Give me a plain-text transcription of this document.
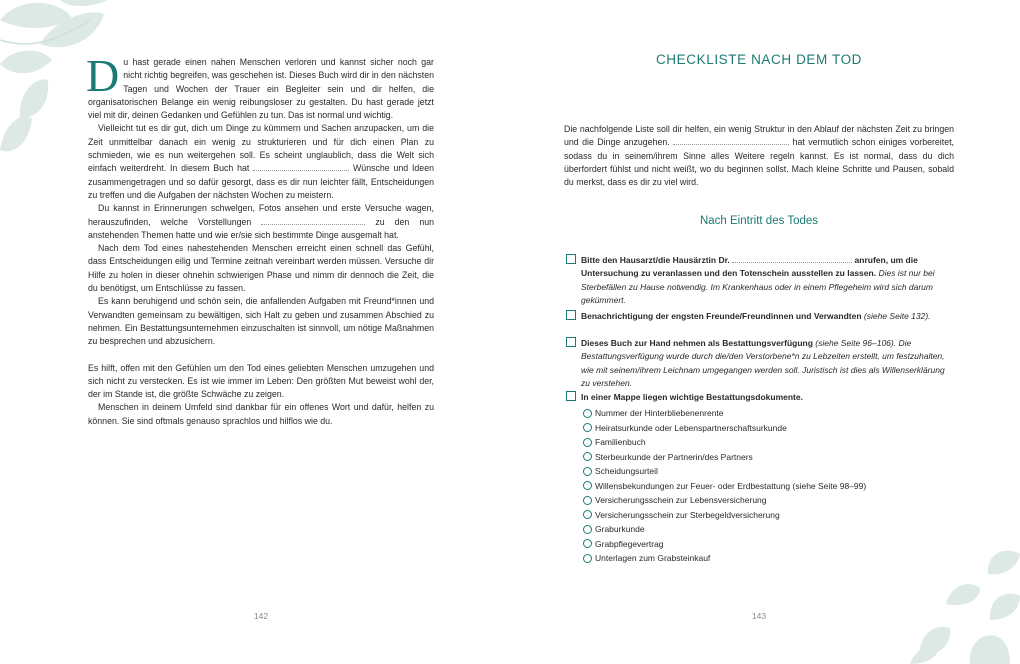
Du hast gerade einen nahen Menschen verloren und kannst sicher noch gar nicht richtig begreifen, was geschehen ist. Dieses Buch wird dir in den nächsten Tagen und Wochen der Trauer ein Begleiter sein und dir helfen, die organisatorischen Belange ein wenig reibungsloser zu gestalten. Du hast gerade jetzt viel mit dir, deinen Gedanken und Gefühlen zu tun. Das ist normal und wichtig.

Vielleicht tut es dir gut, dich um Dinge zu kümmern und Sachen anzupacken, um die Zeit unmittelbar danach ein wenig zu strukturieren und für dich einen Plan zu schmieden, wie es nun weitergehen soll. Es scheint unglaublich, dass die Welt sich einfach weiterdreht. In diesem Buch hat	Wünsche und Ideen zusammengetragen und so dafür gesorgt, dass es dir nun leichter fällt, Entscheidungen zu treffen und die Aufgaben der nächsten Wochen zu meistern.

Du kannst in Erinnerungen schwelgen, Fotos ansehen und erste Versuche wagen, herauszufinden, welche Vorstellungen	zu den nun anstehenden Themen hatte und wie er/sie sich bestimmte Dinge ausgemalt hat.

Nach dem Tod eines nahestehenden Menschen erreicht einen schnell das Gefühl, dass Entscheidungen eilig und Termine zeitnah vereinbart werden müssen. Versuche dir Hilfe zu holen in dieser ohnehin schwierigen Phase und nimm dir dennoch die Zeit, die du benötigst, um Entschlüsse zu fassen.

Es kann beruhigend und schön sein, die anfallenden Aufgaben mit Freund*innen und Verwandten gemeinsam zu bewältigen, sich Halt zu geben und zusammen Abschied zu nehmen. Ein Bestattungsunternehmen einzuschalten ist sinnvoll, um nötige Maßnahmen zu besprechen und abzusichern.

Es hilft, offen mit den Gefühlen um den Tod eines geliebten Menschen umzugehen und sich nicht zu verstecken. Es ist wie immer im Leben: Den größten Mut beweist wohl der, der im Stande ist, die größte Schwäche zu zeigen.

Menschen in deinem Umfeld sind dankbar für ein offenes Wort und dafür, helfen zu können. Sie sind oftmals genauso sprachlos und hilflos wie du.

142	143
CHECKLISTE NACH DEM TOD

Die nachfolgende Liste soll dir helfen, ein wenig Struktur in den Ablauf der nächsten Zeit zu bringen und die Dinge anzugehen.	hat vermutlich schon einiges vorbereitet, sodass du in seinem/ihrem Sinne alles Weitere regeln kannst. Es ist normal, dass du dich überfordert fühlst und nicht weißt, wo du beginnen sollst. Mach kleine Schritte und Pausen, sobald du merkst, dass es dir zu viel wird.

Nach Eintritt des Todes
Bitte den Hausarzt/die Hausärztin Dr.	anrufen, um die Untersuchung zu veranlassen und den Totenschein ausstellen zu lassen. Dies ist nur bei Sterbefällen zu Hause notwendig. Im Krankenhaus oder in einem Pflegeheim wird sich darum gekümmert.
Benachrichtigung der engsten Freunde/Freundinnen und Verwandten (siehe Seite 132).
Dieses Buch zur Hand nehmen als Bestattungsverfügung (siehe Seite 96–106). Die Bestattungsverfügung wurde durch die/den Verstorbene*n zu Lebzeiten erstellt, um festzuhalten, wie mit seinem/ihrem Leichnam umgegangen werden soll. Juristisch ist dies als Willenserklärung zu verstehen.
In einer Mappe liegen wichtige Bestattungsdokumente.
Nummer der Hinterbliebenenrente
Heiratsurkunde oder Lebenspartnerschaftsurkunde
Familienbuch
Sterbeurkunde der Partnerin/des Partners
Scheidungsurteil
Willensbekundungen zur Feuer- oder Erdbestattung (siehe Seite 98–99)
Versicherungsschein zur Lebensversicherung
Versicherungsschein zur Sterbegeldversicherung
Graburkunde
Grabpflegevertrag
Unterlagen zum Grabsteinkauf
